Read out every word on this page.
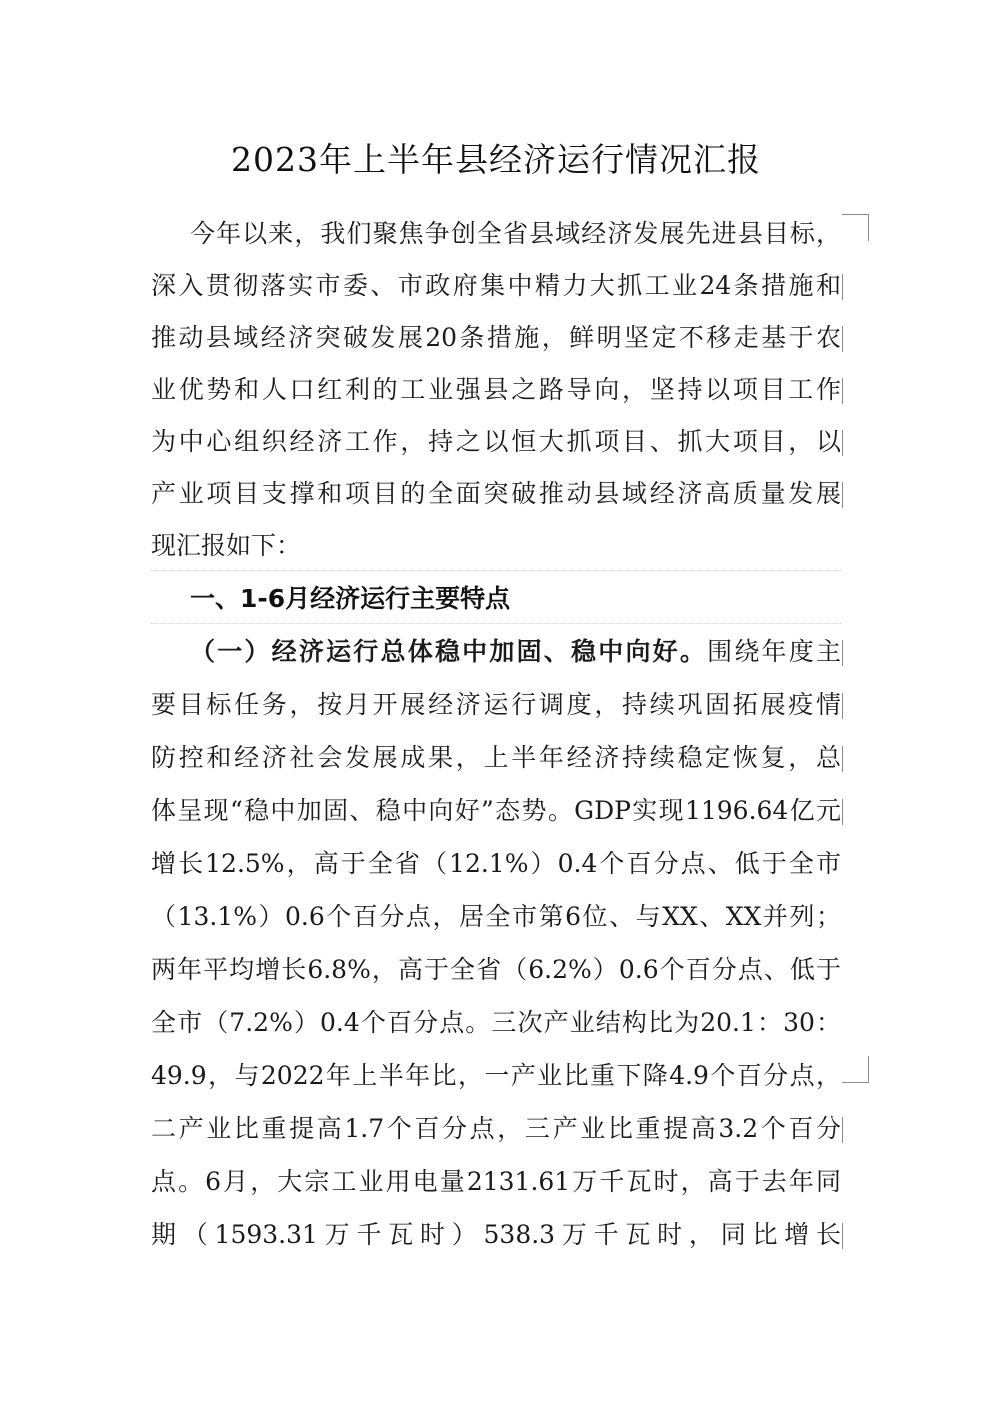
2023年上半年县经济运行情况汇报
今年以来，我们聚焦争创全省县域经济发展先进县目标，
深入贯彻落实市委、市政府集中精力大抓工业24条措施和
推动县域经济突破发展20条措施，鲜明坚定不移走基于农
业优势和人口红利的工业强县之路导向，坚持以项目工作
为中心组织经济工作，持之以恒大抓项目、抓大项目，以
产业项目支撑和项目的全面突破推动县域经济高质量发展
现汇报如下：
一、1-6月经济运行主要特点
（一）经济运行总体稳中加固、稳中向好。围绕年度主
要目标任务，按月开展经济运行调度，持续巩固拓展疫情
防控和经济社会发展成果，上半年经济持续稳定恢复，总
体呈现“稳中加固、稳中向好”态势。GDP实现1196.64亿元
增长12.5%，高于全省（12.1%）0.4个百分点、低于全市
（13.1%）0.6个百分点，居全市第6位、与XX、XX并列；
两年平均增长6.8%，高于全省（6.2%）0.6个百分点、低于
全市（7.2%）0.4个百分点。三次产业结构比为20.1：30：
49.9，与2022年上半年比，一产业比重下降4.9个百分点，
二产业比重提高1.7个百分点，三产业比重提高3.2个百分
点。6月，大宗工业用电量2131.61万千瓦时，高于去年同
期（1593.31万千瓦时）538.3万千瓦时，同比增长
